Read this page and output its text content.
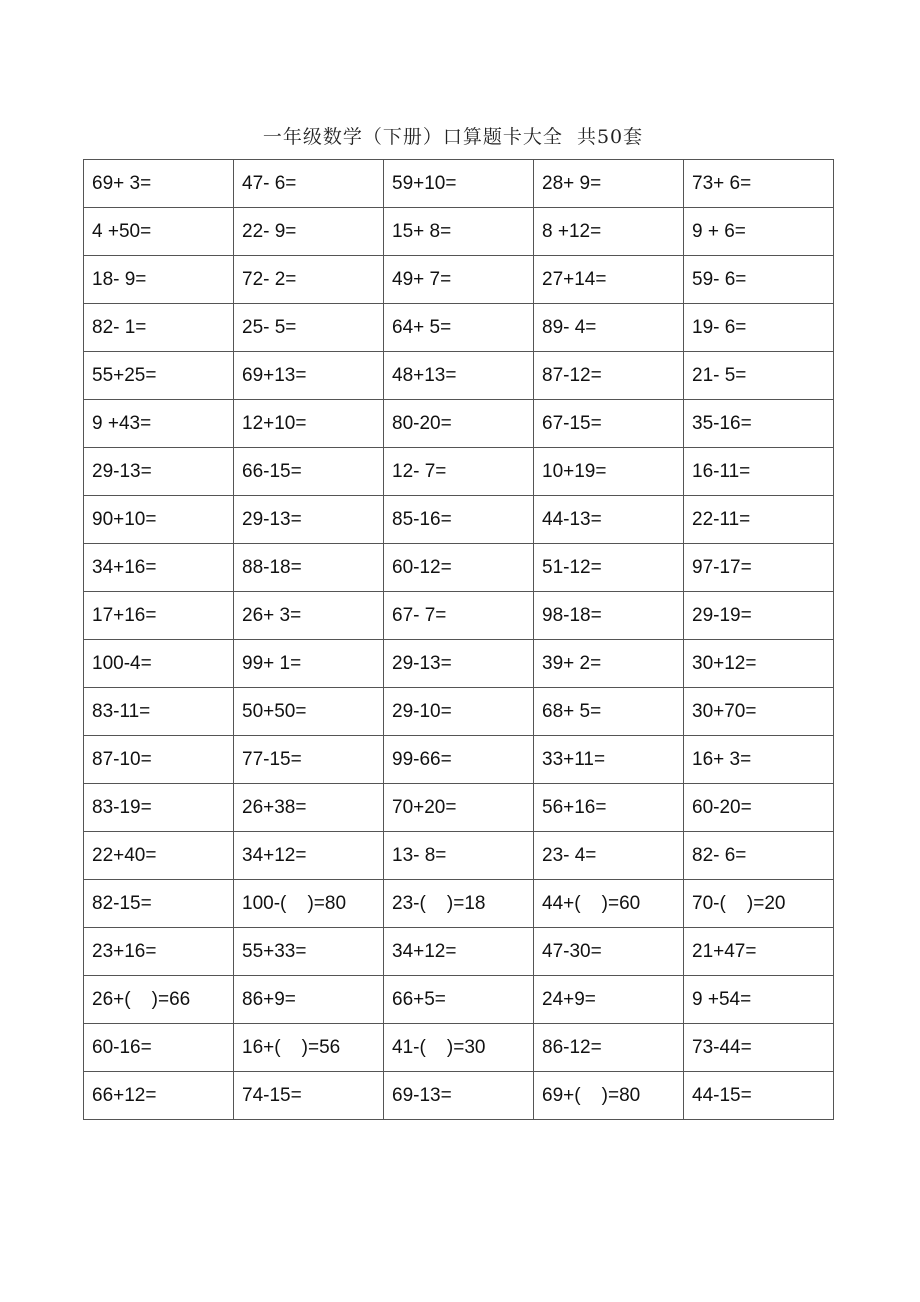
一年级数学（下册）口算题卡大全  共50套
69+ 3=	47- 6=	59+10=	28+ 9=	73+ 6=
4 +50=	22- 9=	15+ 8=	8 +12=	9 + 6=
18- 9=	72- 2=	49+ 7=	27+14=	59- 6=
82- 1=	25- 5=	64+ 5=	89- 4=	19- 6=
55+25=	69+13=	48+13=	87-12=	21- 5=
9 +43=	12+10=	80-20=	67-15=	35-16=
29-13=	66-15=	12- 7=	10+19=	16-11=
90+10=	29-13=	85-16=	44-13=	22-11=
34+16=	88-18=	60-12=	51-12=	97-17=
17+16=	26+ 3=	67- 7=	98-18=	29-19=
100-4=	99+ 1=	29-13=	39+ 2=	30+12=
83-11=	50+50=	29-10=	68+ 5=	30+70=
87-10=	77-15=	99-66=	33+11=	16+ 3=
83-19=	26+38=	70+20=	56+16=	60-20=
22+40=	34+12=	13- 8=	23- 4=	82- 6=
82-15=	100-(    )=80	23-(    )=18	44+(    )=60	70-(    )=20
23+16=	55+33=	34+12=	47-30=	21+47=
26+(    )=66	86+9=	66+5=	24+9=	9 +54=
60-16=	16+(    )=56	41-(    )=30	86-12=	73-44=
66+12=	74-15=	69-13=	69+(    )=80	44-15=
